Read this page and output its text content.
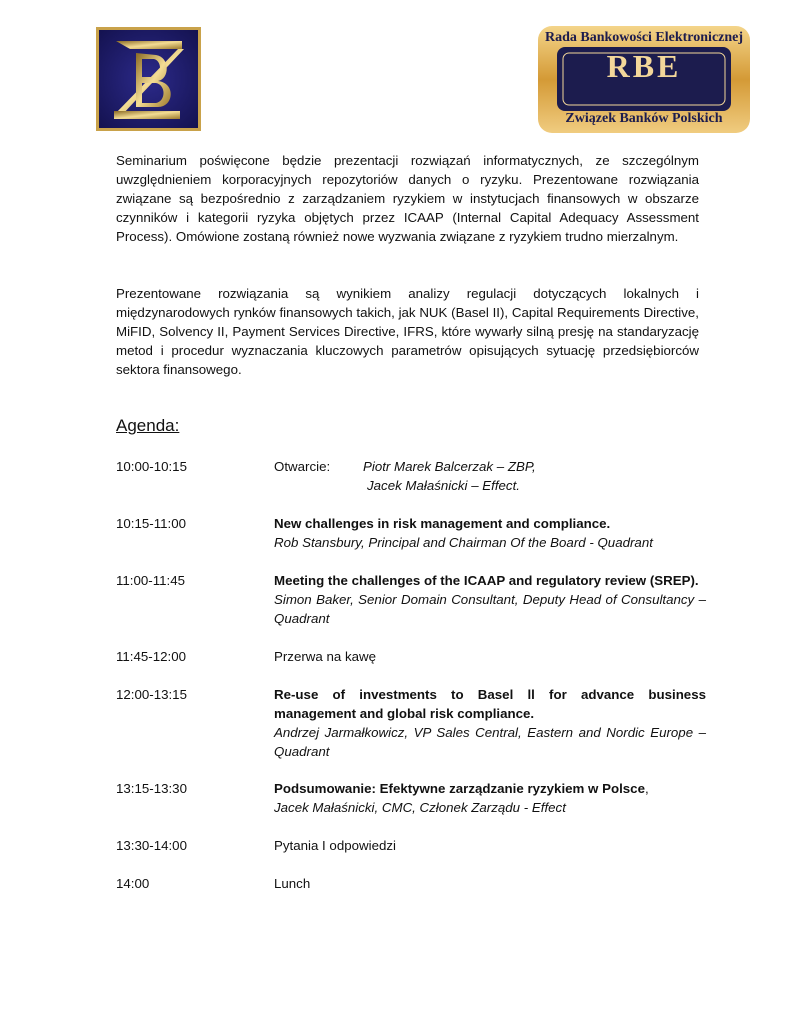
Rada Bankowości Elektronicznej
Związek Banków Polskich
RBE

Seminarium poświęcone będzie prezentacji rozwiązań informatycznych, ze szczególnym uwzględnieniem korporacyjnych repozytoriów danych o ryzyku. Prezentowane rozwiązania związane są bezpośrednio z zarządzaniem ryzykiem w instytucjach finansowych w obszarze czynników i kategorii ryzyka objętych przez ICAAP (Internal Capital Adequacy Assessment Process). Omówione zostaną również nowe wyzwania związane z ryzykiem trudno mierzalnym.

Prezentowane rozwiązania są wynikiem analizy regulacji dotyczących lokalnych i międzynarodowych rynków finansowych takich, jak NUK (Basel II), Capital Requirements Directive, MiFID, Solvency II, Payment Services Directive, IFRS, które wywarły silną presję na standaryzację metod i procedur wyznaczania kluczowych parametrów opisujących sytuację przedsiębiorców sektora finansowego.

Agenda:
10:00-10:15	Otwarcie: Piotr Marek Balcerzak – ZBP,
Jacek Małaśnicki – Effect.
10:15-11:00	New challenges in risk management and compliance.
Rob Stansbury, Principal and Chairman Of the Board - Quadrant
11:00-11:45	Meeting the challenges of the ICAAP and regulatory review (SREP).
Simon Baker, Senior Domain Consultant, Deputy Head of Consultancy – Quadrant
11:45-12:00	Przerwa na kawę
12:00-13:15	Re-use of investments to Basel ll for advance business management and global risk compliance.
Andrzej Jarmałkowicz, VP Sales Central, Eastern and Nordic Europe – Quadrant
13:15-13:30	Podsumowanie: Efektywne zarządzanie ryzykiem w Polsce,
Jacek Małaśnicki, CMC, Członek Zarządu - Effect
13:30-14:00	Pytania I odpowiedzi
14:00	Lunch
